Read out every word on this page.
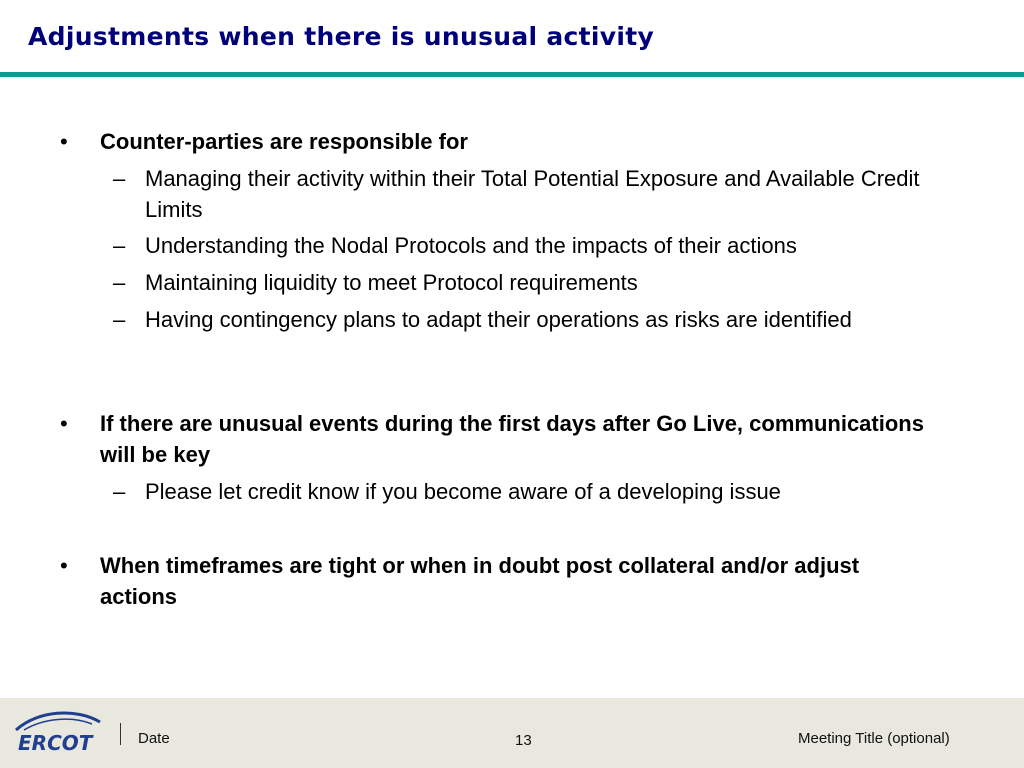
Adjustments when there is unusual activity
• Counter-parties are responsible for
– Managing their activity within their Total Potential Exposure and Available Credit Limits
– Understanding the Nodal Protocols and the impacts of their actions
– Maintaining liquidity to meet Protocol requirements
– Having contingency plans to adapt their operations as risks are identified
• If there are unusual events during the first days after Go Live, communications will be key
– Please let credit know if you become aware of a developing issue
• When timeframes are tight or when in doubt post collateral and/or adjust actions
ERCOT	Date	13	Meeting Title (optional)
